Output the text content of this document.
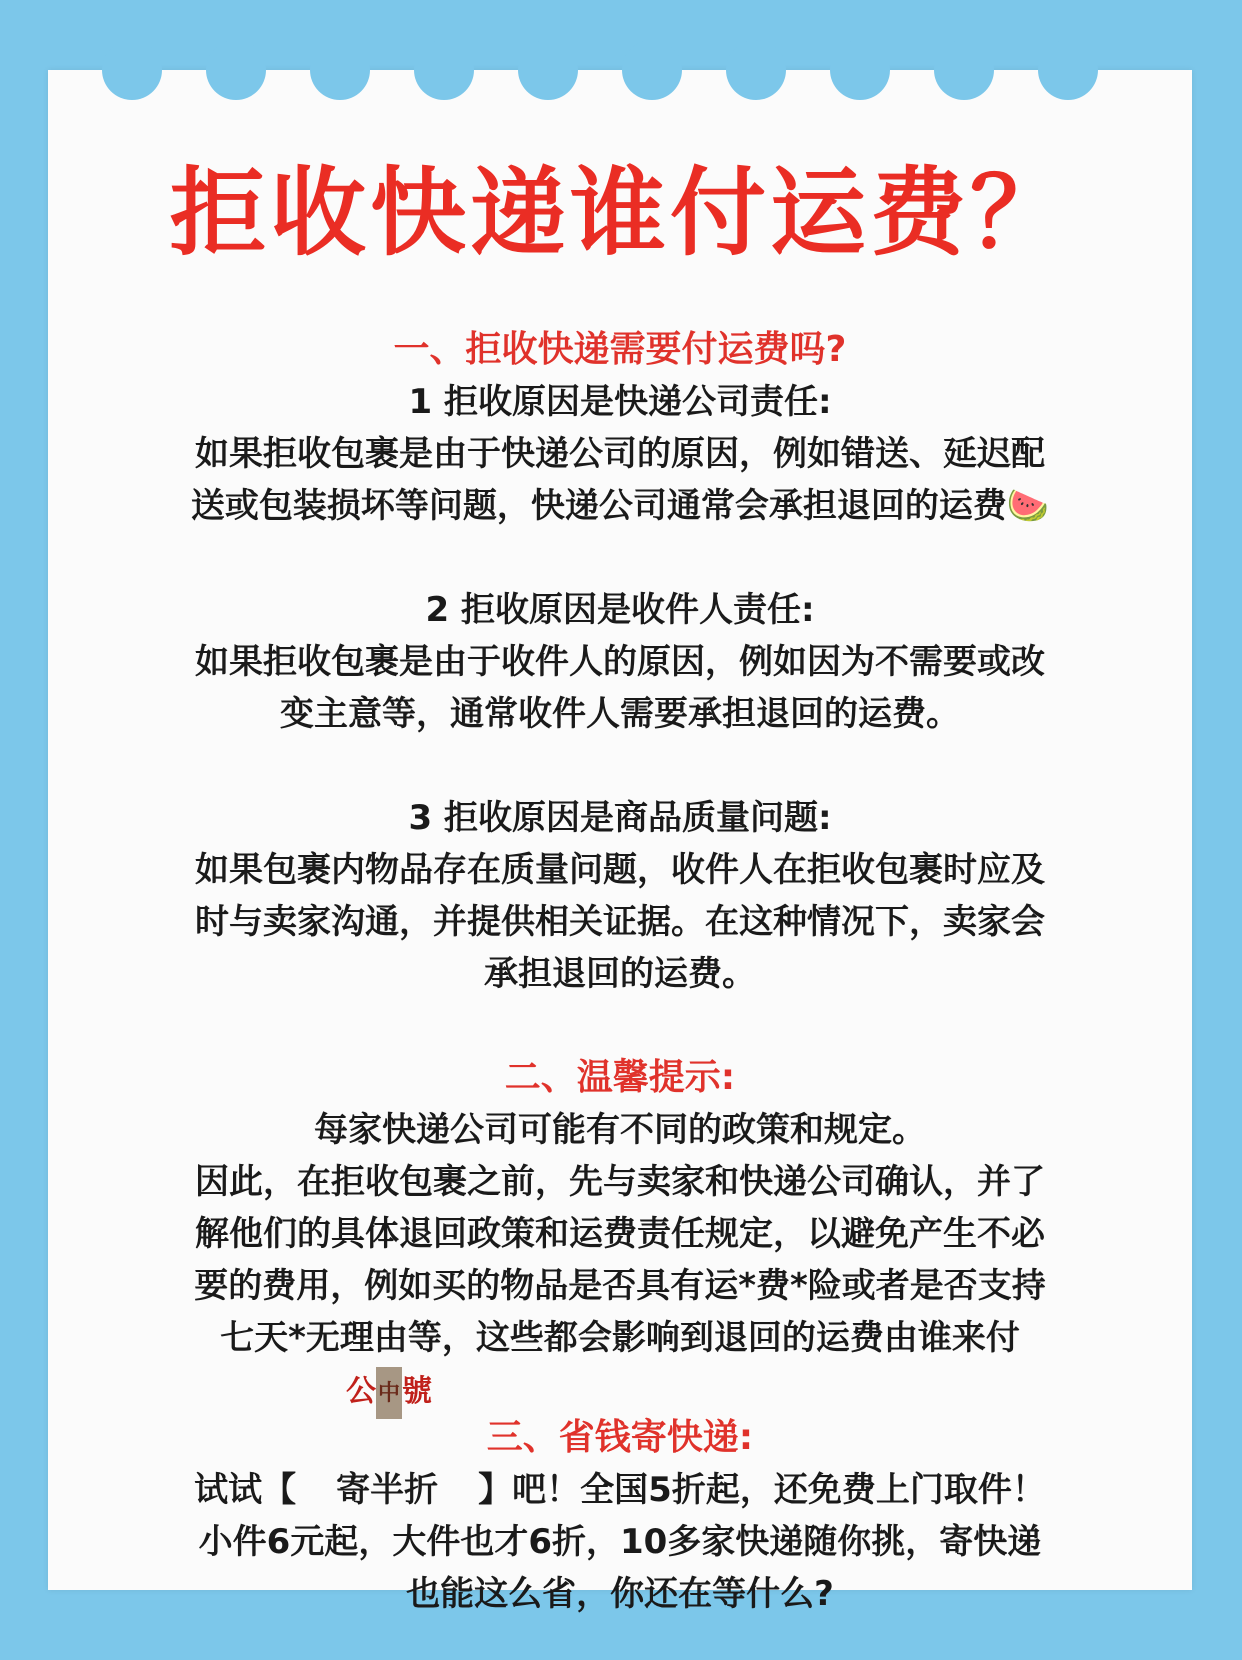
拒收快递谁付运费？

一、拒收快递需要付运费吗?

1 拒收原因是快递公司责任:

如果拒收包裹是由于快递公司的原因，例如错送、延迟配

送或包装损坏等问题，快递公司通常会承担退回的运费🍉

2 拒收原因是收件人责任:

如果拒收包裹是由于收件人的原因，例如因为不需要或改

变主意等，通常收件人需要承担退回的运费。

3 拒收原因是商品质量问题:

如果包裹内物品存在质量问题，收件人在拒收包裹时应及

时与卖家沟通，并提供相关证据。在这种情况下，卖家会

承担退回的运费。

二、温馨提示:

每家快递公司可能有不同的政策和规定。

因此，在拒收包裹之前，先与卖家和快递公司确认，并了

解他们的具体退回政策和运费责任规定，以避免产生不必

要的费用，例如买的物品是否具有运*费*险或者是否支持

七天*无理由等，这些都会影响到退回的运费由谁来付

公中號

三、省钱寄快递:

试试【 寄半折 】吧！全国5折起，还免费上门取件！

小件6元起，大件也才6折，10多家快递随你挑，寄快递

也能这么省，你还在等什么?
